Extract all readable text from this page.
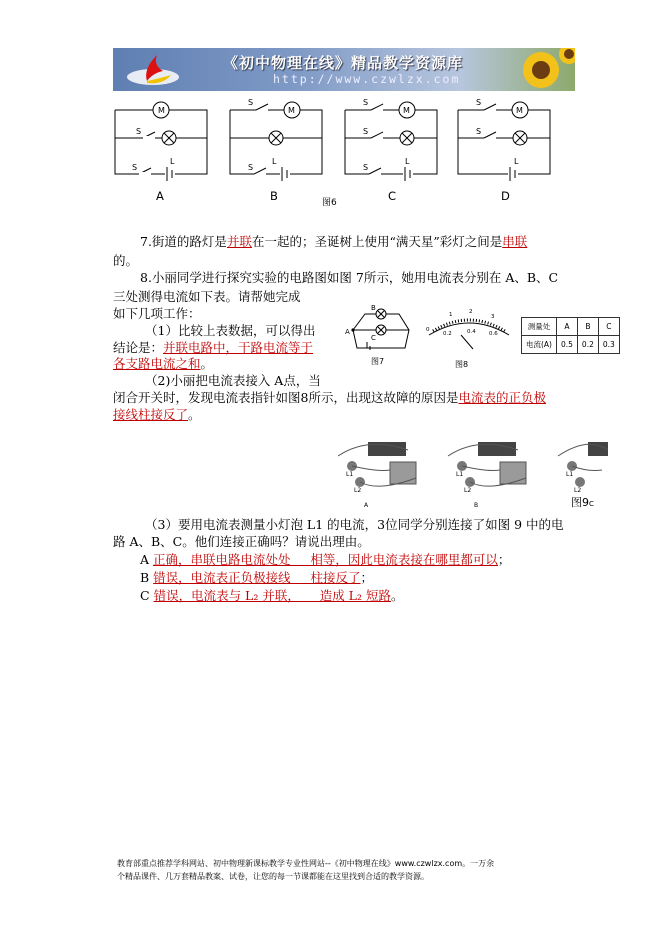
《初中物理在线》精品教学资源库
http://www.czwlzx.com
M	M	M	M
S
S
L
S
S
L
S
S
S
L
S
S
L
A	B	C	D
图6
7.街道的路灯是并联在一起的；圣诞树上使用“满天星”彩灯之间是串联
的。
8.小丽同学进行探究实验的电路图如图 7所示，她用电流表分别在 A、B、C
三处测得电流如下表。请帮她完成
如下几项工作：
（1）比较上表数据，可以得出
结论是：并联电路中，干路电流等于
各支路电流之和。
（2)小丽把电流表接入 A点，当
闭合开关时，发现电流表指针如图8所示，出现这故障的原因是电流表的正负极
接线柱接反了。
A
B
C
图7
0
0.2	0.4 0.6
1	2
3
图8
测量处	A	B	C
电流(A)	0.5	0.2	0.3
L1
L2
L1
L2
L1
L2
A	B	图9C
（3）要用电流表测量小灯泡 L1 的电流，3位同学分别连接了如图 9 中的电
路 A、B、C。他们连接正确吗？请说出理由。
A 正确，串联电路电流处处     相等，因此电流表接在哪里都可以；
B 错误，电流表正负极接线     柱接反了；
C 错误，电流表与 L₂ 并联，     造成 L₂ 短路。
教育部重点推荐学科网站、初中物理新课标教学专业性网站--《初中物理在线》www.czwlzx.com。一万余
个精品课件、几万套精品教案、试卷，让您的每一节课都能在这里找到合适的教学资源。
